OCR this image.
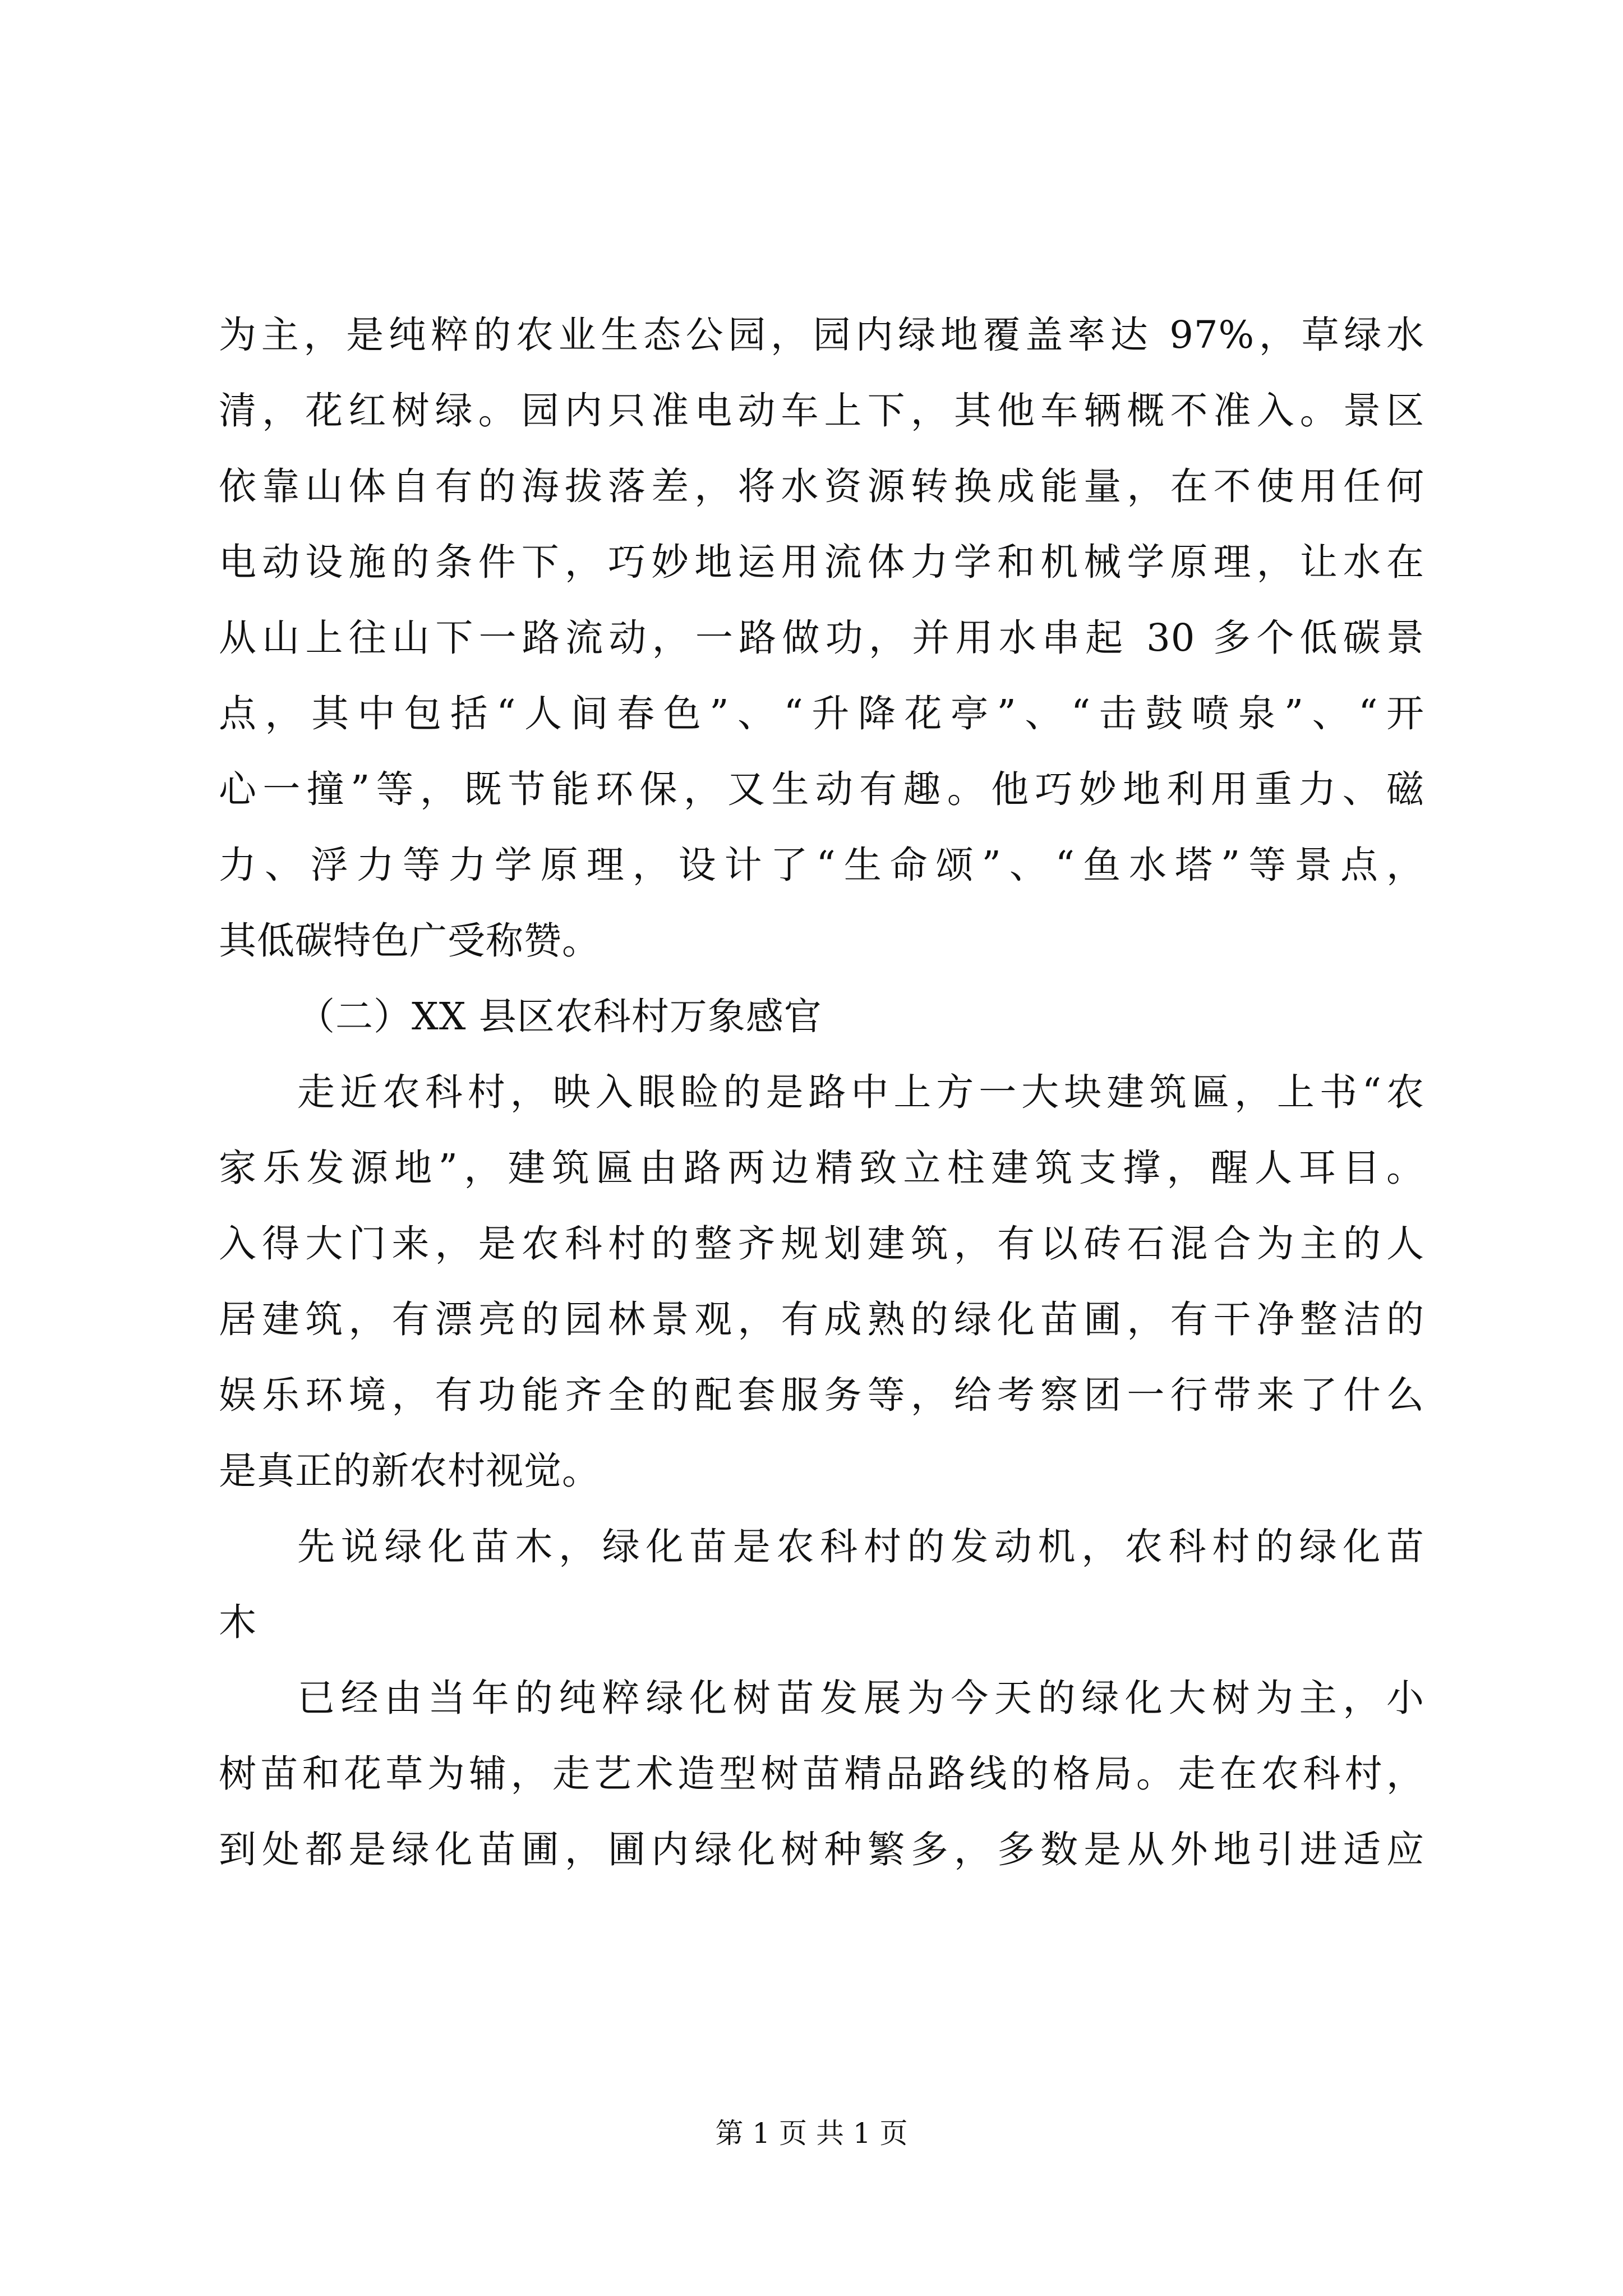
为主，是纯粹的农业生态公园，园内绿地覆盖率达 97%，草绿水
清，花红树绿。园内只准电动车上下，其他车辆概不准入。景区
依靠山体自有的海拔落差，将水资源转换成能量，在不使用任何
电动设施的条件下，巧妙地运用流体力学和机械学原理，让水在
从山上往山下一路流动，一路做功，并用水串起 30 多个低碳景
点，其中包括“人间春色”、“升降花亭”、“击鼓喷泉”、“开
心一撞”等，既节能环保，又生动有趣。他巧妙地利用重力、磁
力、浮力等力学原理，设计了“生命颂”、“鱼水塔”等景点，
其低碳特色广受称赞。
（二）XX 县区农科村万象感官
走近农科村，映入眼睑的是路中上方一大块建筑匾，上书“农
家乐发源地”，建筑匾由路两边精致立柱建筑支撑，醒人耳目。
入得大门来，是农科村的整齐规划建筑，有以砖石混合为主的人
居建筑，有漂亮的园林景观，有成熟的绿化苗圃，有干净整洁的
娱乐环境，有功能齐全的配套服务等，给考察团一行带来了什么
是真正的新农村视觉。
先说绿化苗木，绿化苗是农科村的发动机，农科村的绿化苗
木
已经由当年的纯粹绿化树苗发展为今天的绿化大树为主，小
树苗和花草为辅，走艺术造型树苗精品路线的格局。走在农科村，
到处都是绿化苗圃，圃内绿化树种繁多，多数是从外地引进适应
第 1 页 共 1 页
